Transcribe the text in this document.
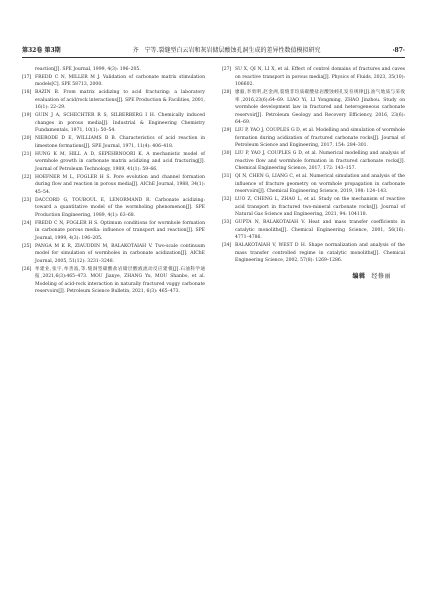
第32卷 第3期	齐　宁等.裂缝型白云岩和灰岩储层酸蚀孔洞生成的差异性数值模拟研究	·87·
reaction[J]. SPE Journal, 1999, 4(3): 196–205.
[17] FREDD C N, MILLER M J. Validation of carbonate matrix stimulation models[C]. SPE 58713, 2000.
[18] BAZIN B. From matrix acidizing to acid fracturing: a laboratory evaluation of acid/rock interactions[J]. SPE Production & Facilities, 2001, 16(1): 22–29.
[19] GUIN J A, SCHECHTER R S, SILBERBERG I H. Chemically induced changes in porous media[J]. Industrial & Engineering Chemistry Fundamentals, 1971, 10(1): 50–54.
[20] NIERODE D E, WILLIAMS B B. Characteristics of acid reaction in limestone formations[J]. SPE Journal, 1971, 11(4): 406–418.
[21] HUNG K M, HILL A D, SEPEHRNOORI K. A mechanistic model of wormhole growth in carbonate matrix acidizing and acid fracturing[J]. Journal of Petroleum Technology, 1989, 41(1): 59–66.
[22] HOEFNER M L, FOGLER H S. Pore evolution and channel formation during flow and reaction in porous media[J]. AIChE Journal, 1988, 34(1): 45–54.
[23] DACCORD G, TOUBOUL E, LENORMAND R. Carbonate acidizing: toward a quantitative model of the wormholing phenomenon[J]. SPE Production Engineering, 1989, 4(1): 63–68.
[24] FREDD C N, FOGLER H S. Optimum conditions for wormhole formation in carbonate porous media: influence of transport and reaction[J]. SPE Journal, 1999, 4(3): 196–205.
[25] PANGA M K R, ZIAUDDIN M, BALAKOTAIAH V. Two-scale continuum model for simulation of wormholes in carbonate acidization[J]. AIChE Journal, 2005, 51(12): 3231–3248.
[26] 牟建业,张宇,牟善波,等.缝洞型碳酸盐岩储层酸液流动反应建模[J].石油科学通报,2021,6(3):465–473. MOU Jianye, ZHANG Yu, MOU Shanbo, et al. Modeling of acid-rock interaction in naturally fractured vuggy carbonate reservoirs[J]. Petroleum Science Bulletin, 2021, 6(3): 465–473.
[27] SU X, QI N, LI X, et al. Effect of control domains of fractures and caves on reactive transport in porous media[J]. Physics of Fluids, 2023, 35(10): 106602.
[28] 廖毅,李勇明,赵金洲,裂缝非均质碳酸盐岩酸蚀蚓孔发育规律[J].油气地质与采收率,2016,23(6):64–69. LIAO Yi, LI Yongming, ZHAO Jinzhou. Study on wormhole development law in fractured and heterogeneous carbonate reservoir[J]. Petroleum Geology and Recovery Efficiency, 2016, 23(6): 64–69.
[29] LIU P, YAO J, COUPLES G D, et al. Modelling and simulation of wormhole formation during acidization of fractured carbonate rocks[J]. Journal of Petroleum Science and Engineering, 2017, 154: 284–301.
[30] LIU P, YAO J, COUPLES G D, et al. Numerical modelling and analysis of reactive flow and wormhole formation in fractured carbonate rocks[J]. Chemical Engineering Science, 2017, 172: 143–157.
[31] QI N, CHEN G, LIANG C, et al. Numerical simulation and analysis of the influence of fracture geometry on wormhole propagation in carbonate reservoirs[J]. Chemical Engineering Science, 2019, 198: 124–143.
[32] LUO Z, CHENG L, ZHAO L, et al. Study on the mechanism of reactive acid transport in fractured two-mineral carbonate rocks[J]. Journal of Natural Gas Science and Engineering, 2021, 94: 104118.
[33] GUPTA N, BALAKOTAIAH V. Heat and mass transfer coefficients in catalytic monoliths[J]. Chemical Engineering Science, 2001, 56(16): 4771–4786.
[34] BALAKOTAIAH V, WEST D H. Shape normalization and analysis of the mass transfer controlled regime in catalytic monoliths[J]. Chemical Engineering Science, 2002, 57(8): 1269–1286.
编辑 经修丽
